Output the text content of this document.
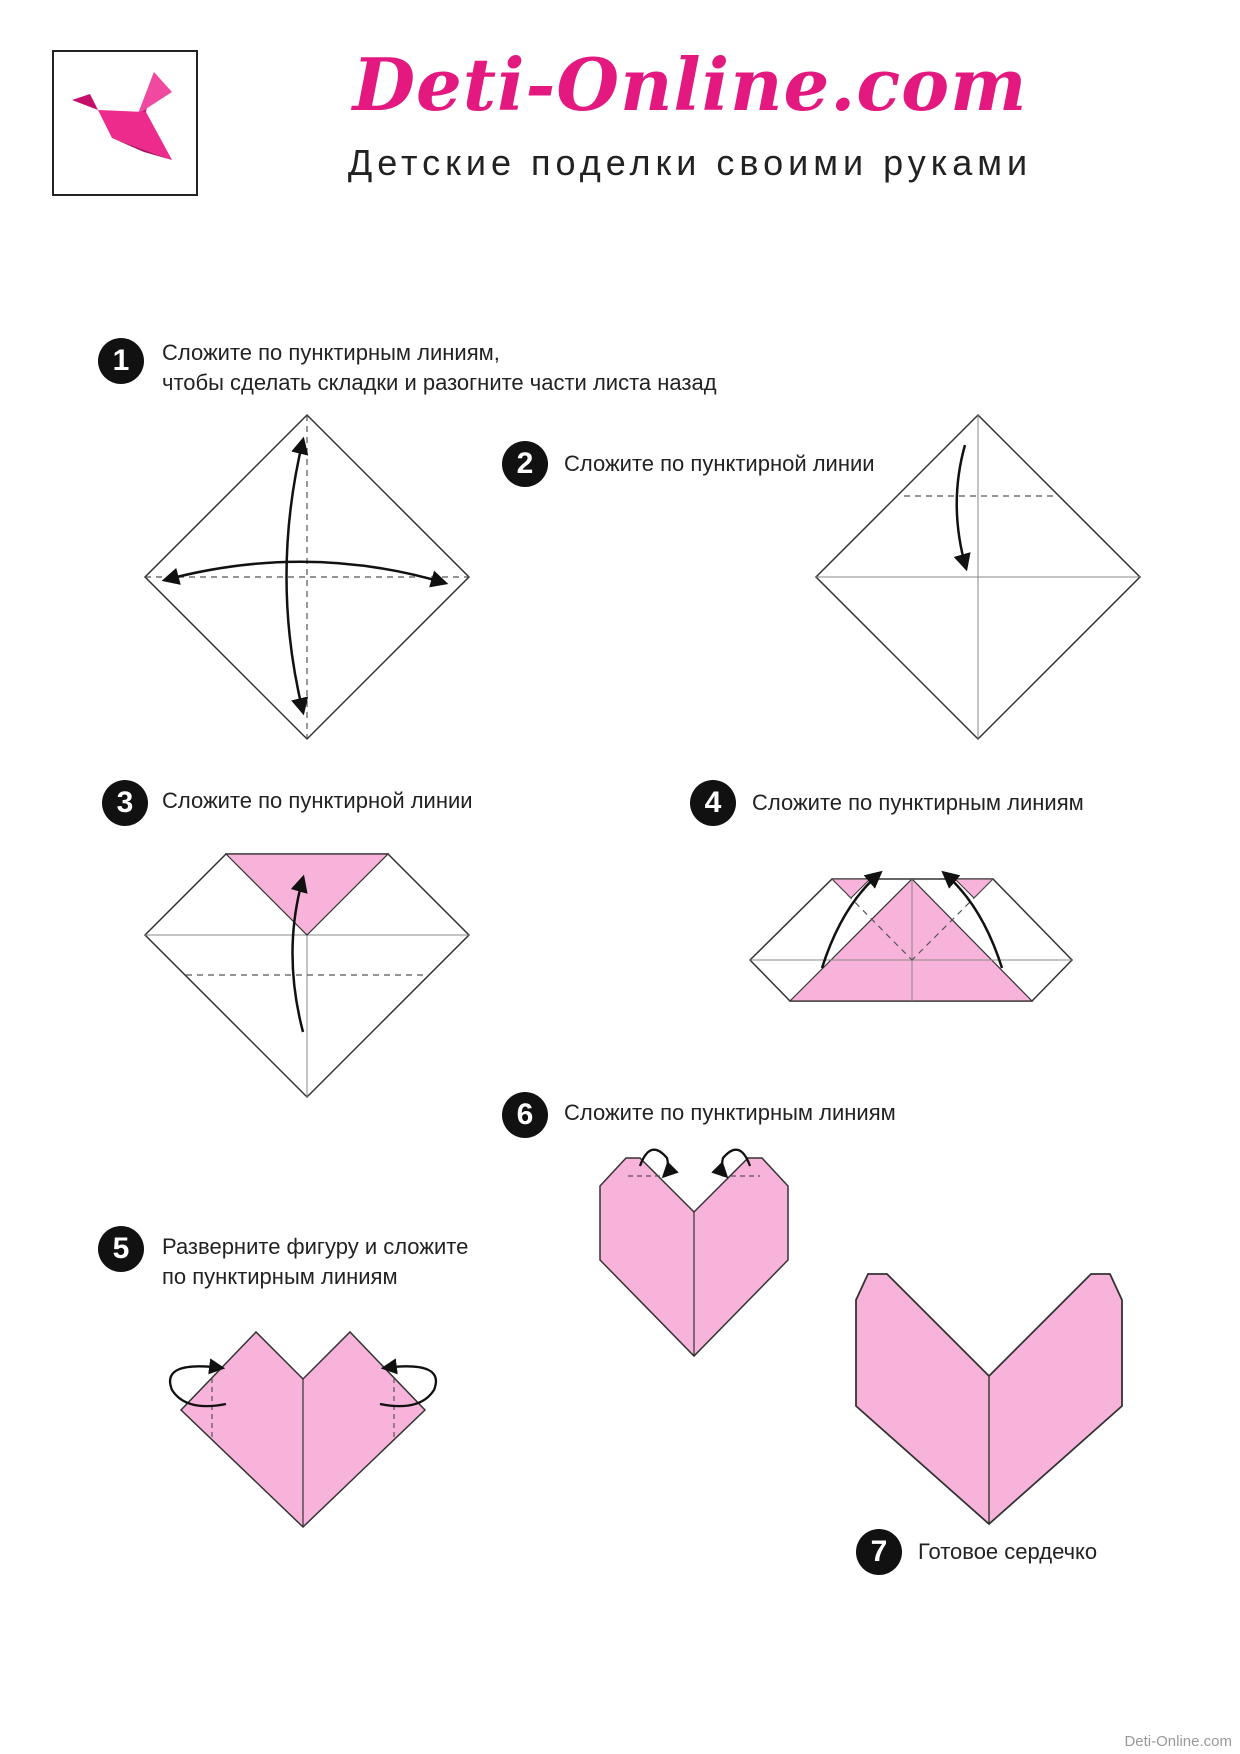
Deti-Online.com
Детские поделки своими руками
1	Сложите по пунктирным линиям,
чтобы сделать складки и разогните части листа назад
2	Сложите по пунктирной линии
3	Сложите по пунктирной линии	4	Сложите по пунктирным линиям
6	Сложите по пунктирным линиям
5	Разверните фигуру и сложите
по пунктирным линиям
7	Готовое сердечко
Deti-Online.com
